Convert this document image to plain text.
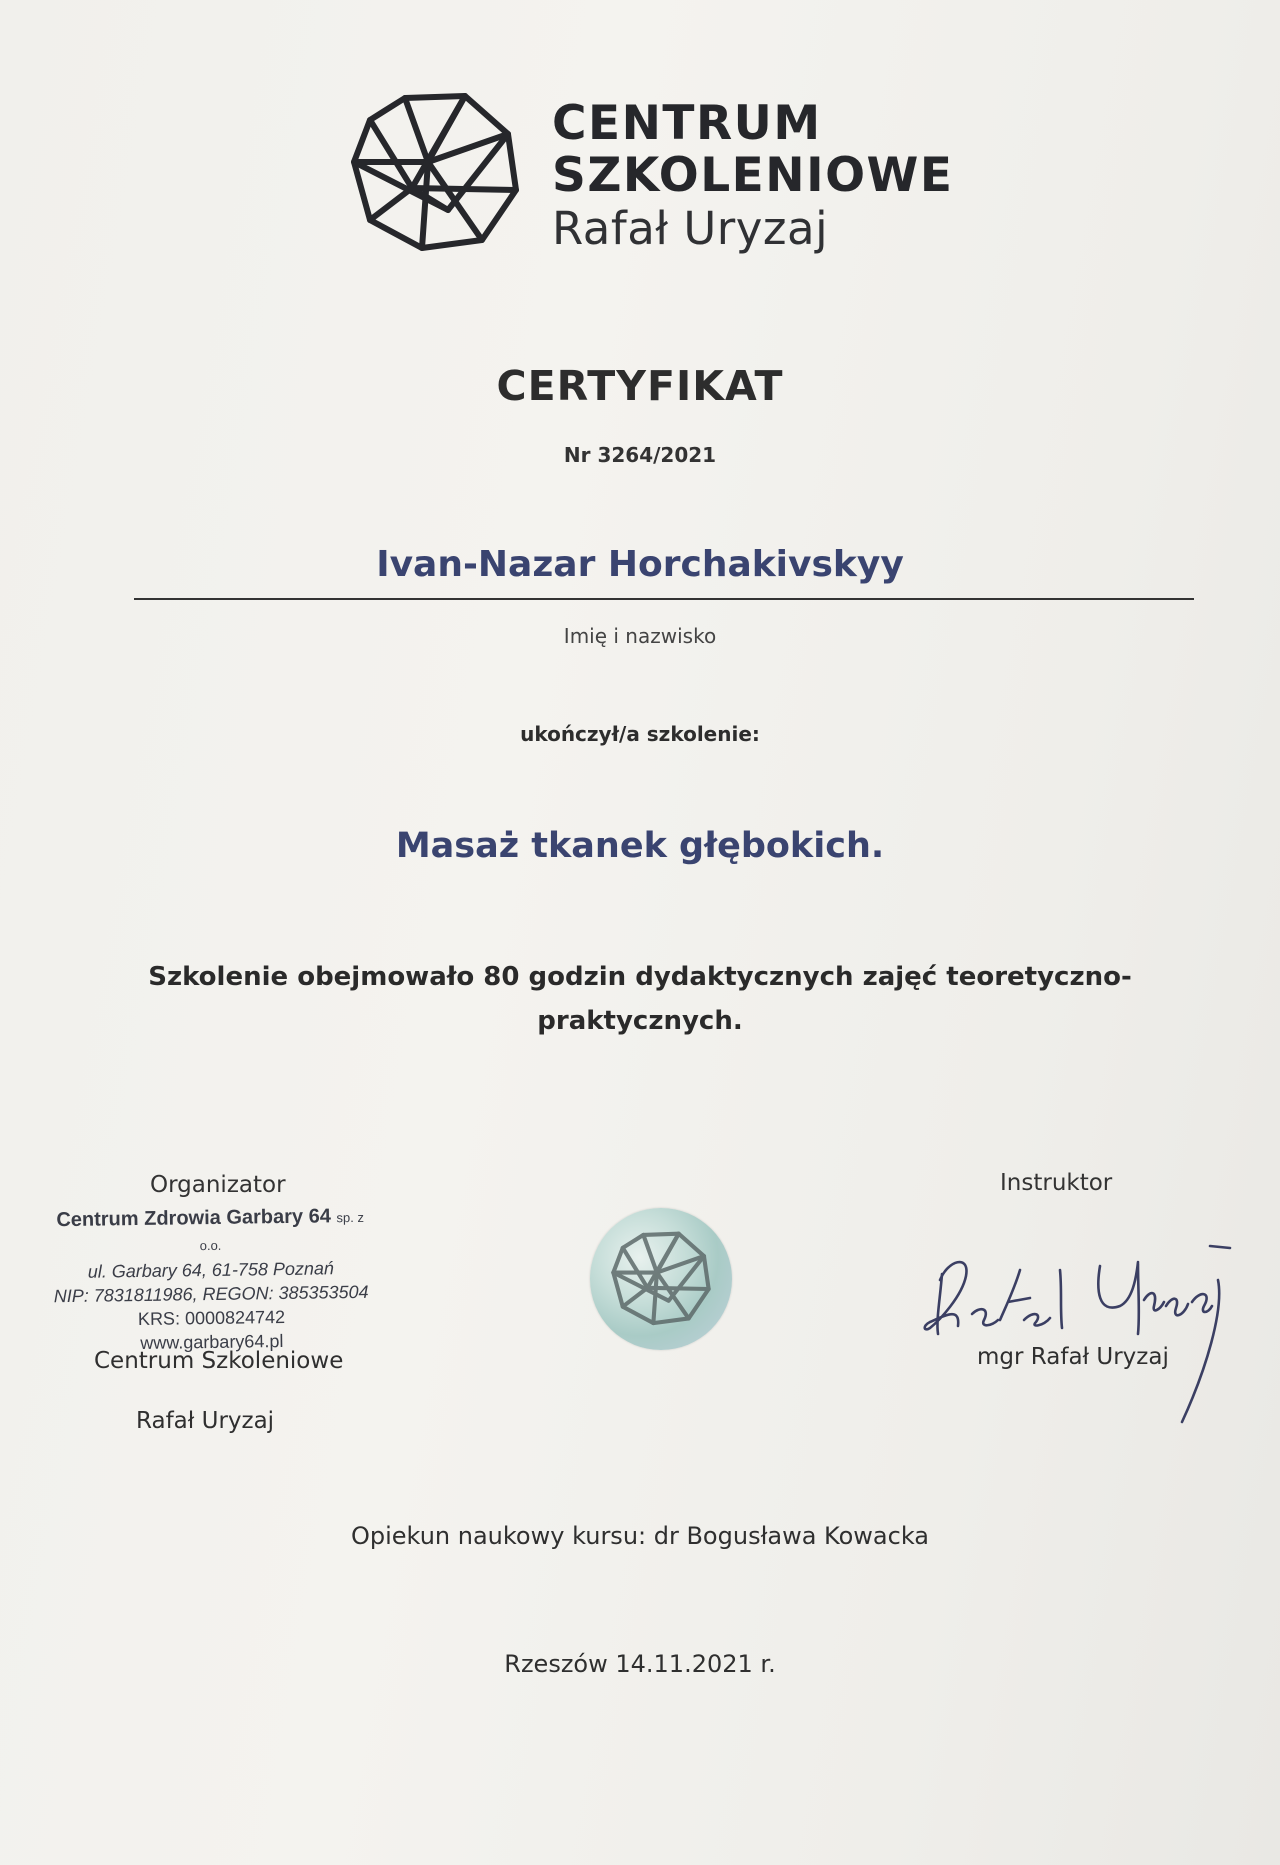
CENTRUM
SZKOLENIOWE
Rafał Uryzaj
CERTYFIKAT
Nr 3264/2021
Ivan-Nazar Horchakivskyy
Imię i nazwisko
ukończył/a szkolenie:
Masaż tkanek głębokich.
Szkolenie obejmowało 80 godzin dydaktycznych zajęć teoretyczno-
praktycznych.
Organizator
Centrum Zdrowia Garbary 64 sp. z o.o.
ul. Garbary 64, 61-758 Poznań
NIP: 7831811986, REGON: 385353504
KRS: 0000824742
www.garbary64.pl
Centrum Szkoleniowe
Rafał Uryzaj
Instruktor
mgr Rafał Uryzaj
Opiekun naukowy kursu: dr Bogusława Kowacka
Rzeszów 14.11.2021 r.
